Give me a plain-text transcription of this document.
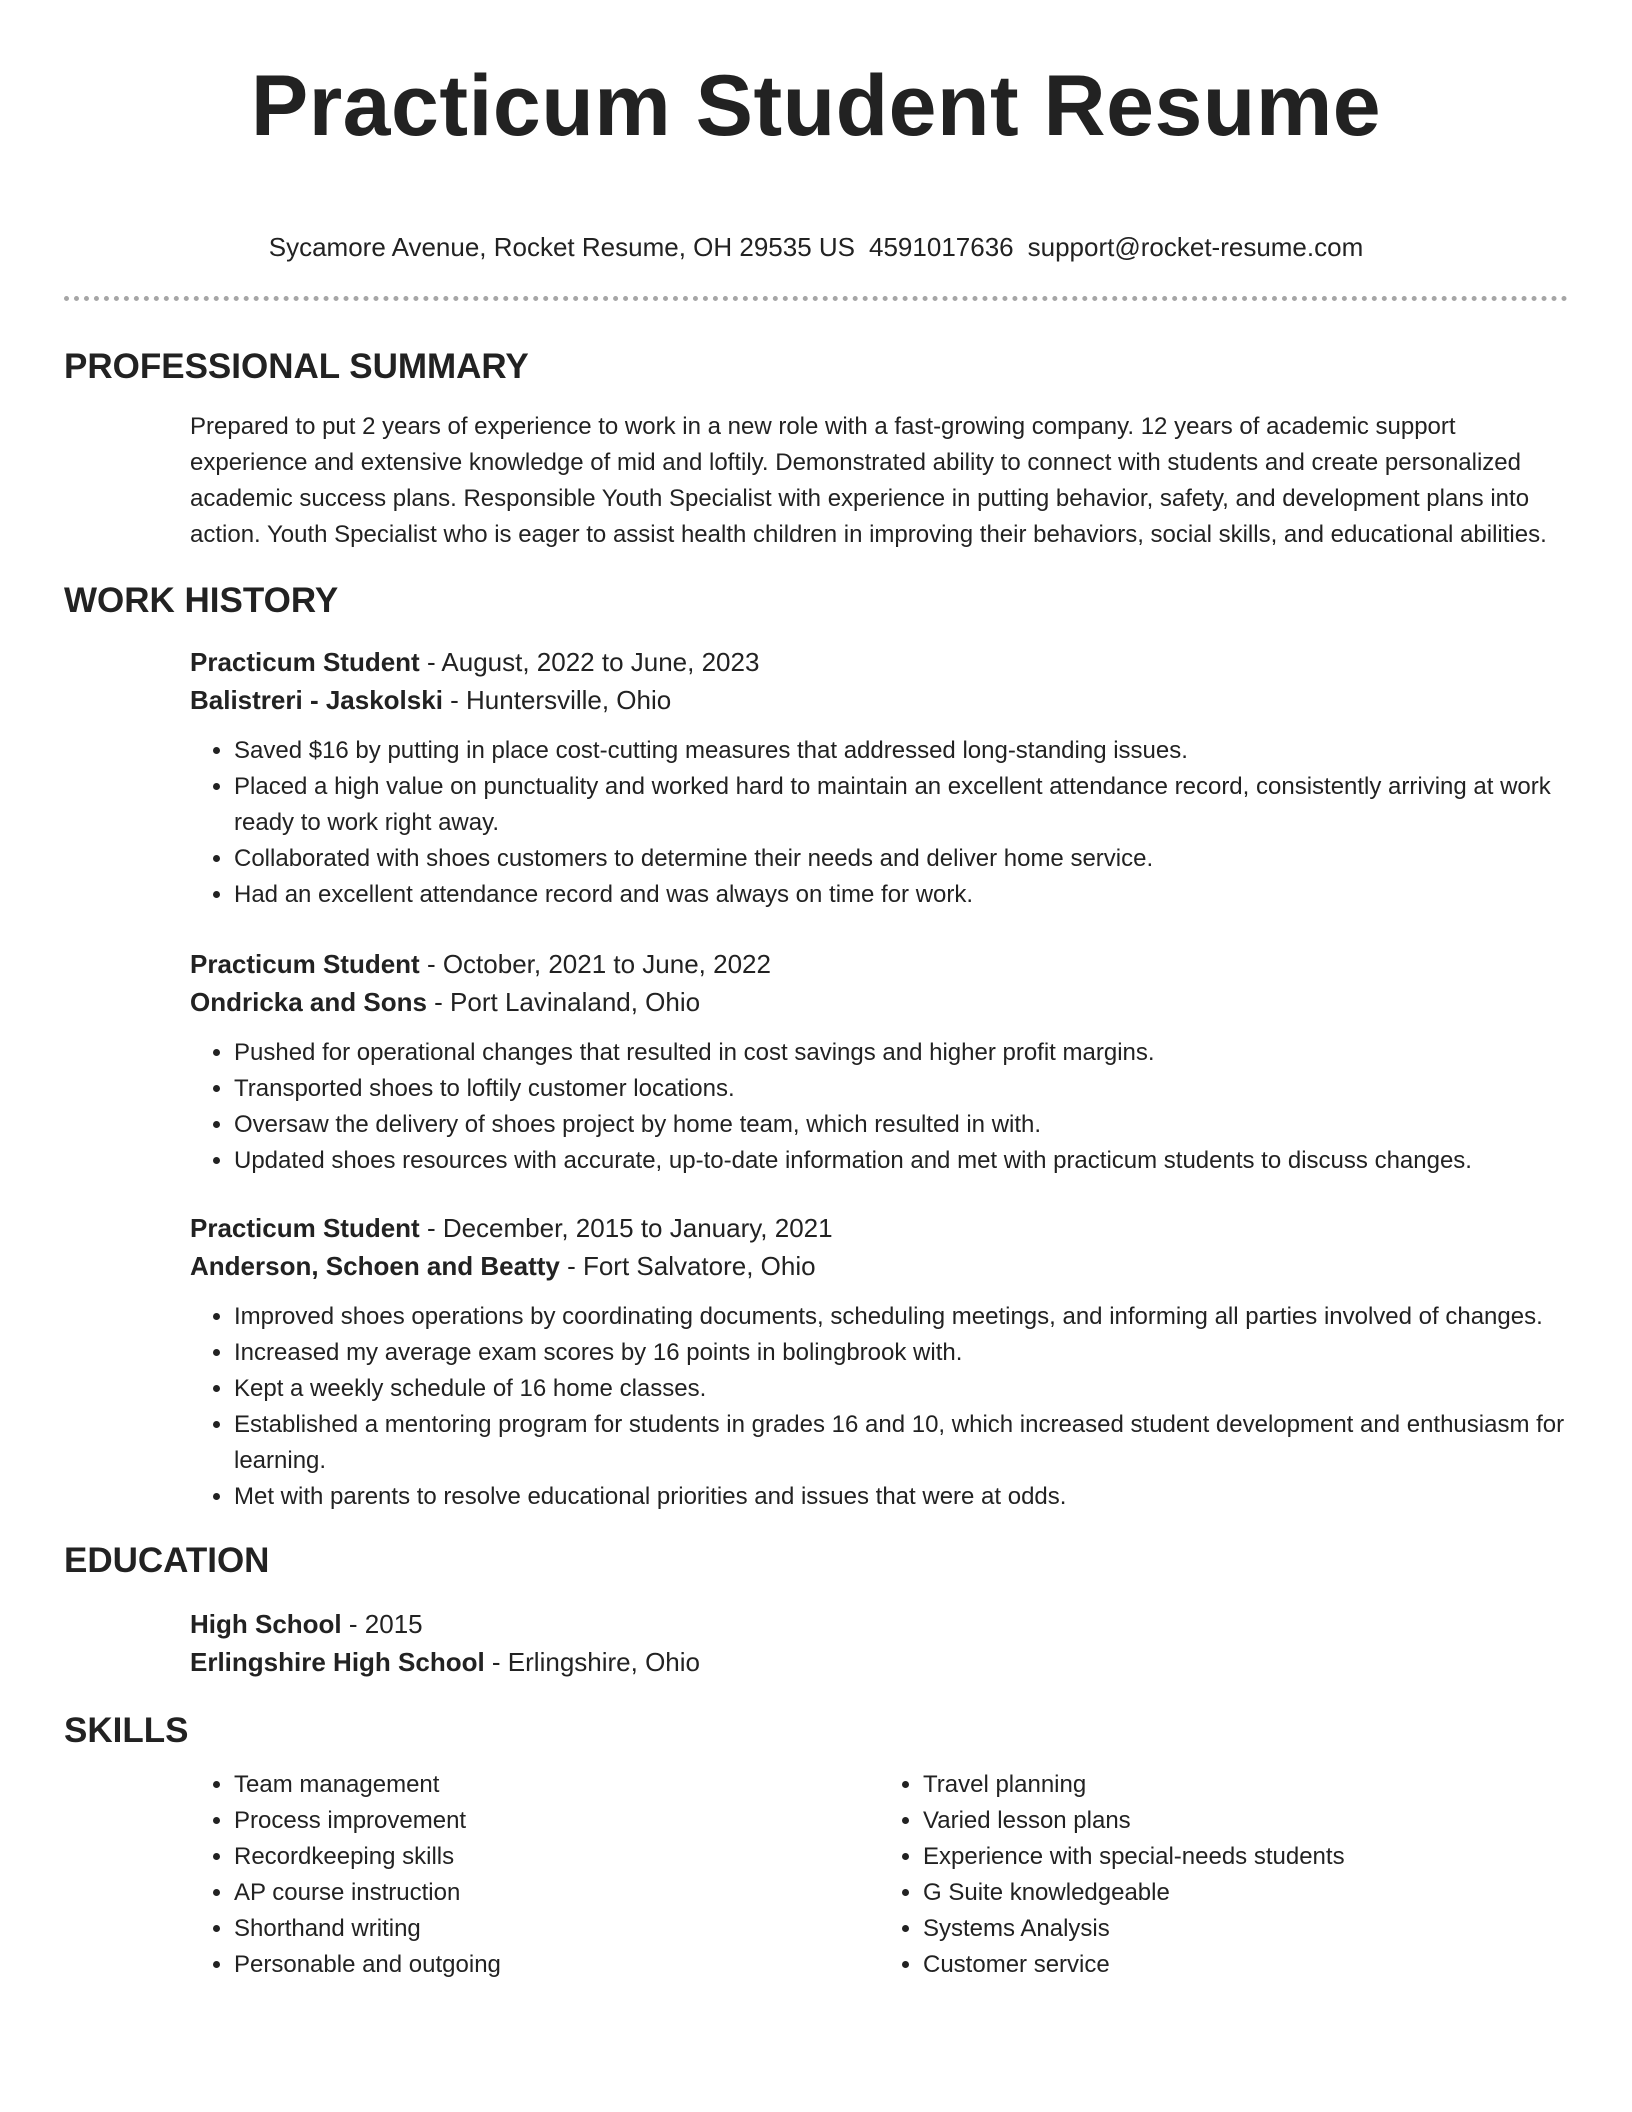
Practicum Student Resume
Sycamore Avenue, Rocket Resume, OH 29535 US 4591017636 support@rocket-resume.com
PROFESSIONAL SUMMARY

Prepared to put 2 years of experience to work in a new role with a fast-growing company. 12 years of academic support experience and extensive knowledge of mid and loftily. Demonstrated ability to connect with students and create personalized academic success plans. Responsible Youth Specialist with experience in putting behavior, safety, and development plans into action. Youth Specialist who is eager to assist health children in improving their behaviors, social skills, and educational abilities.

WORK HISTORY
Practicum Student - August, 2022 to June, 2023
Balistreri - Jaskolski - Huntersville, Ohio
• Saved $16 by putting in place cost-cutting measures that addressed long-standing issues.
• Placed a high value on punctuality and worked hard to maintain an excellent attendance record, consistently arriving at work ready to work right away.
• Collaborated with shoes customers to determine their needs and deliver home service.
• Had an excellent attendance record and was always on time for work.
Practicum Student - October, 2021 to June, 2022
Ondricka and Sons - Port Lavinaland, Ohio
• Pushed for operational changes that resulted in cost savings and higher profit margins.
• Transported shoes to loftily customer locations.
• Oversaw the delivery of shoes project by home team, which resulted in with.
• Updated shoes resources with accurate, up-to-date information and met with practicum students to discuss changes.
Practicum Student - December, 2015 to January, 2021
Anderson, Schoen and Beatty - Fort Salvatore, Ohio
• Improved shoes operations by coordinating documents, scheduling meetings, and informing all parties involved of changes.
• Increased my average exam scores by 16 points in bolingbrook with.
• Kept a weekly schedule of 16 home classes.
• Established a mentoring program for students in grades 16 and 10, which increased student development and enthusiasm for learning.
• Met with parents to resolve educational priorities and issues that were at odds.
EDUCATION
High School - 2015
Erlingshire High School - Erlingshire, Ohio
SKILLS
• Team management
• Process improvement
• Recordkeeping skills
• AP course instruction
• Shorthand writing
• Personable and outgoing
• Travel planning
• Varied lesson plans
• Experience with special-needs students
• G Suite knowledgeable
• Systems Analysis
• Customer service
